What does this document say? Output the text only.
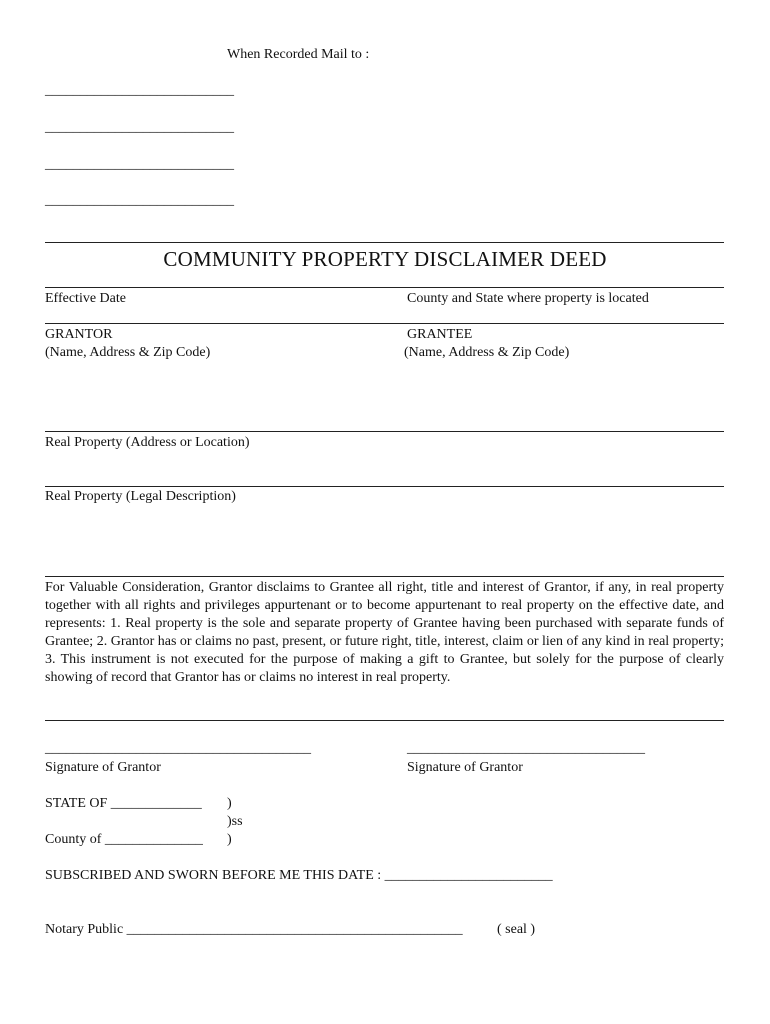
When Recorded Mail to :
___________________________
___________________________
___________________________
___________________________
COMMUNITY PROPERTY DISCLAIMER DEED
Effective Date	County and State where property is located
GRANTOR
(Name, Address & Zip Code)
GRANTEE
(Name, Address & Zip Code)
Real Property (Address or Location)
Real Property (Legal Description)
For Valuable Consideration, Grantor disclaims to Grantee all right, title and interest of Grantor, if any, in real property together with all rights and privileges appurtenant or to become appurtenant to real property on the effective date, and represents: 1. Real property is the sole and separate property of Grantee having been purchased with separate funds of Grantee; 2. Grantor has or claims no past, present, or future right, title, interest, claim or lien of any kind in real property; 3. This instrument is not executed for the purpose of making a gift to Grantee, but solely for the purpose of clearly showing of record that Grantor has or claims no interest in real property.
______________________________________
Signature of Grantor
__________________________________
Signature of Grantor
STATE OF _____________ )
)ss
County of ______________ )
SUBSCRIBED AND SWORN BEFORE ME THIS DATE : ________________________
Notary Public ________________________________________________ ( seal )
